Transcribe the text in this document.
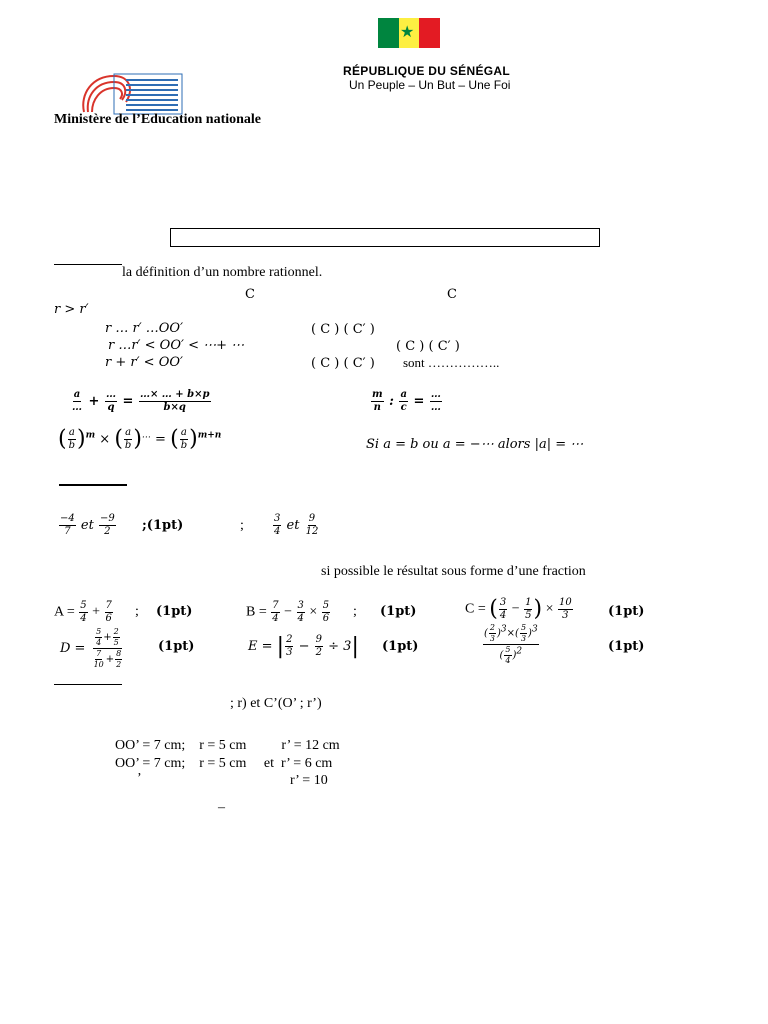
★
RÉPUBLIQUE DU SÉNÉGAL
Un Peuple – Un But – Une Foi
Ministère de l’Education nationale
la définition d’un nombre rationnel.
C	C
r > r′
r … r′ …OO′	( C ) ( C′ )
r …r′ < OO′ < ⋯+ ⋯	( C ) ( C′ )
r + r′ < OO′	( C ) ( C′ ) sont ……………..
$\frac{a}{\dots} + \frac{\dots}{q} = \frac{\dots\times \dots + b\times p}{b\times q}$	$\frac{m}{n}$ : $\frac{a}{c} = \frac{\dots}{\dots}$
( $\frac{a}{b} )^m$ × ( $\frac{a}{b} )^\dots$ = ( $\frac{a}{b} )^{m+n}$
Si a = b ou a = −⋯ alors |a| = ⋯
$\frac{-4}{7}$ et $\frac{-9}{2}$ ;(1pt)	;	$\frac{3}{4}$ et $\frac{9}{12}$
si possible le résultat sous forme d’une fraction
$A = \frac{5}{4} + \frac{7}{6}$ ; (1pt)	$B = \frac{7}{4} - \frac{3}{4} \times \frac{5}{6}$ ; (1pt)	C = ( $\frac{3}{4} - \frac{1}{5}$ ) × $\frac{10}{3}$	(1pt)
$D = \frac{\frac{5}{4} + \frac{2}{5}}{\frac{7}{10} + \frac{8}{2}}$	(1pt)	E = | $\frac{2}{3} - \frac{9}{2} \div 3|$ (1pt)	$\frac{( \frac{2}{3} )3\times( \frac{5}{3} )3}{( \frac{5}{4} )2}$	(1pt)
; r) et C’(O’ ; r’)
OO’ = 7 cm;    r = 5 cm          r’ = 12 cm
OO’ = 7 cm;    r = 5 cm     et  r’ = 6 cm
’	r’ = 10
–
